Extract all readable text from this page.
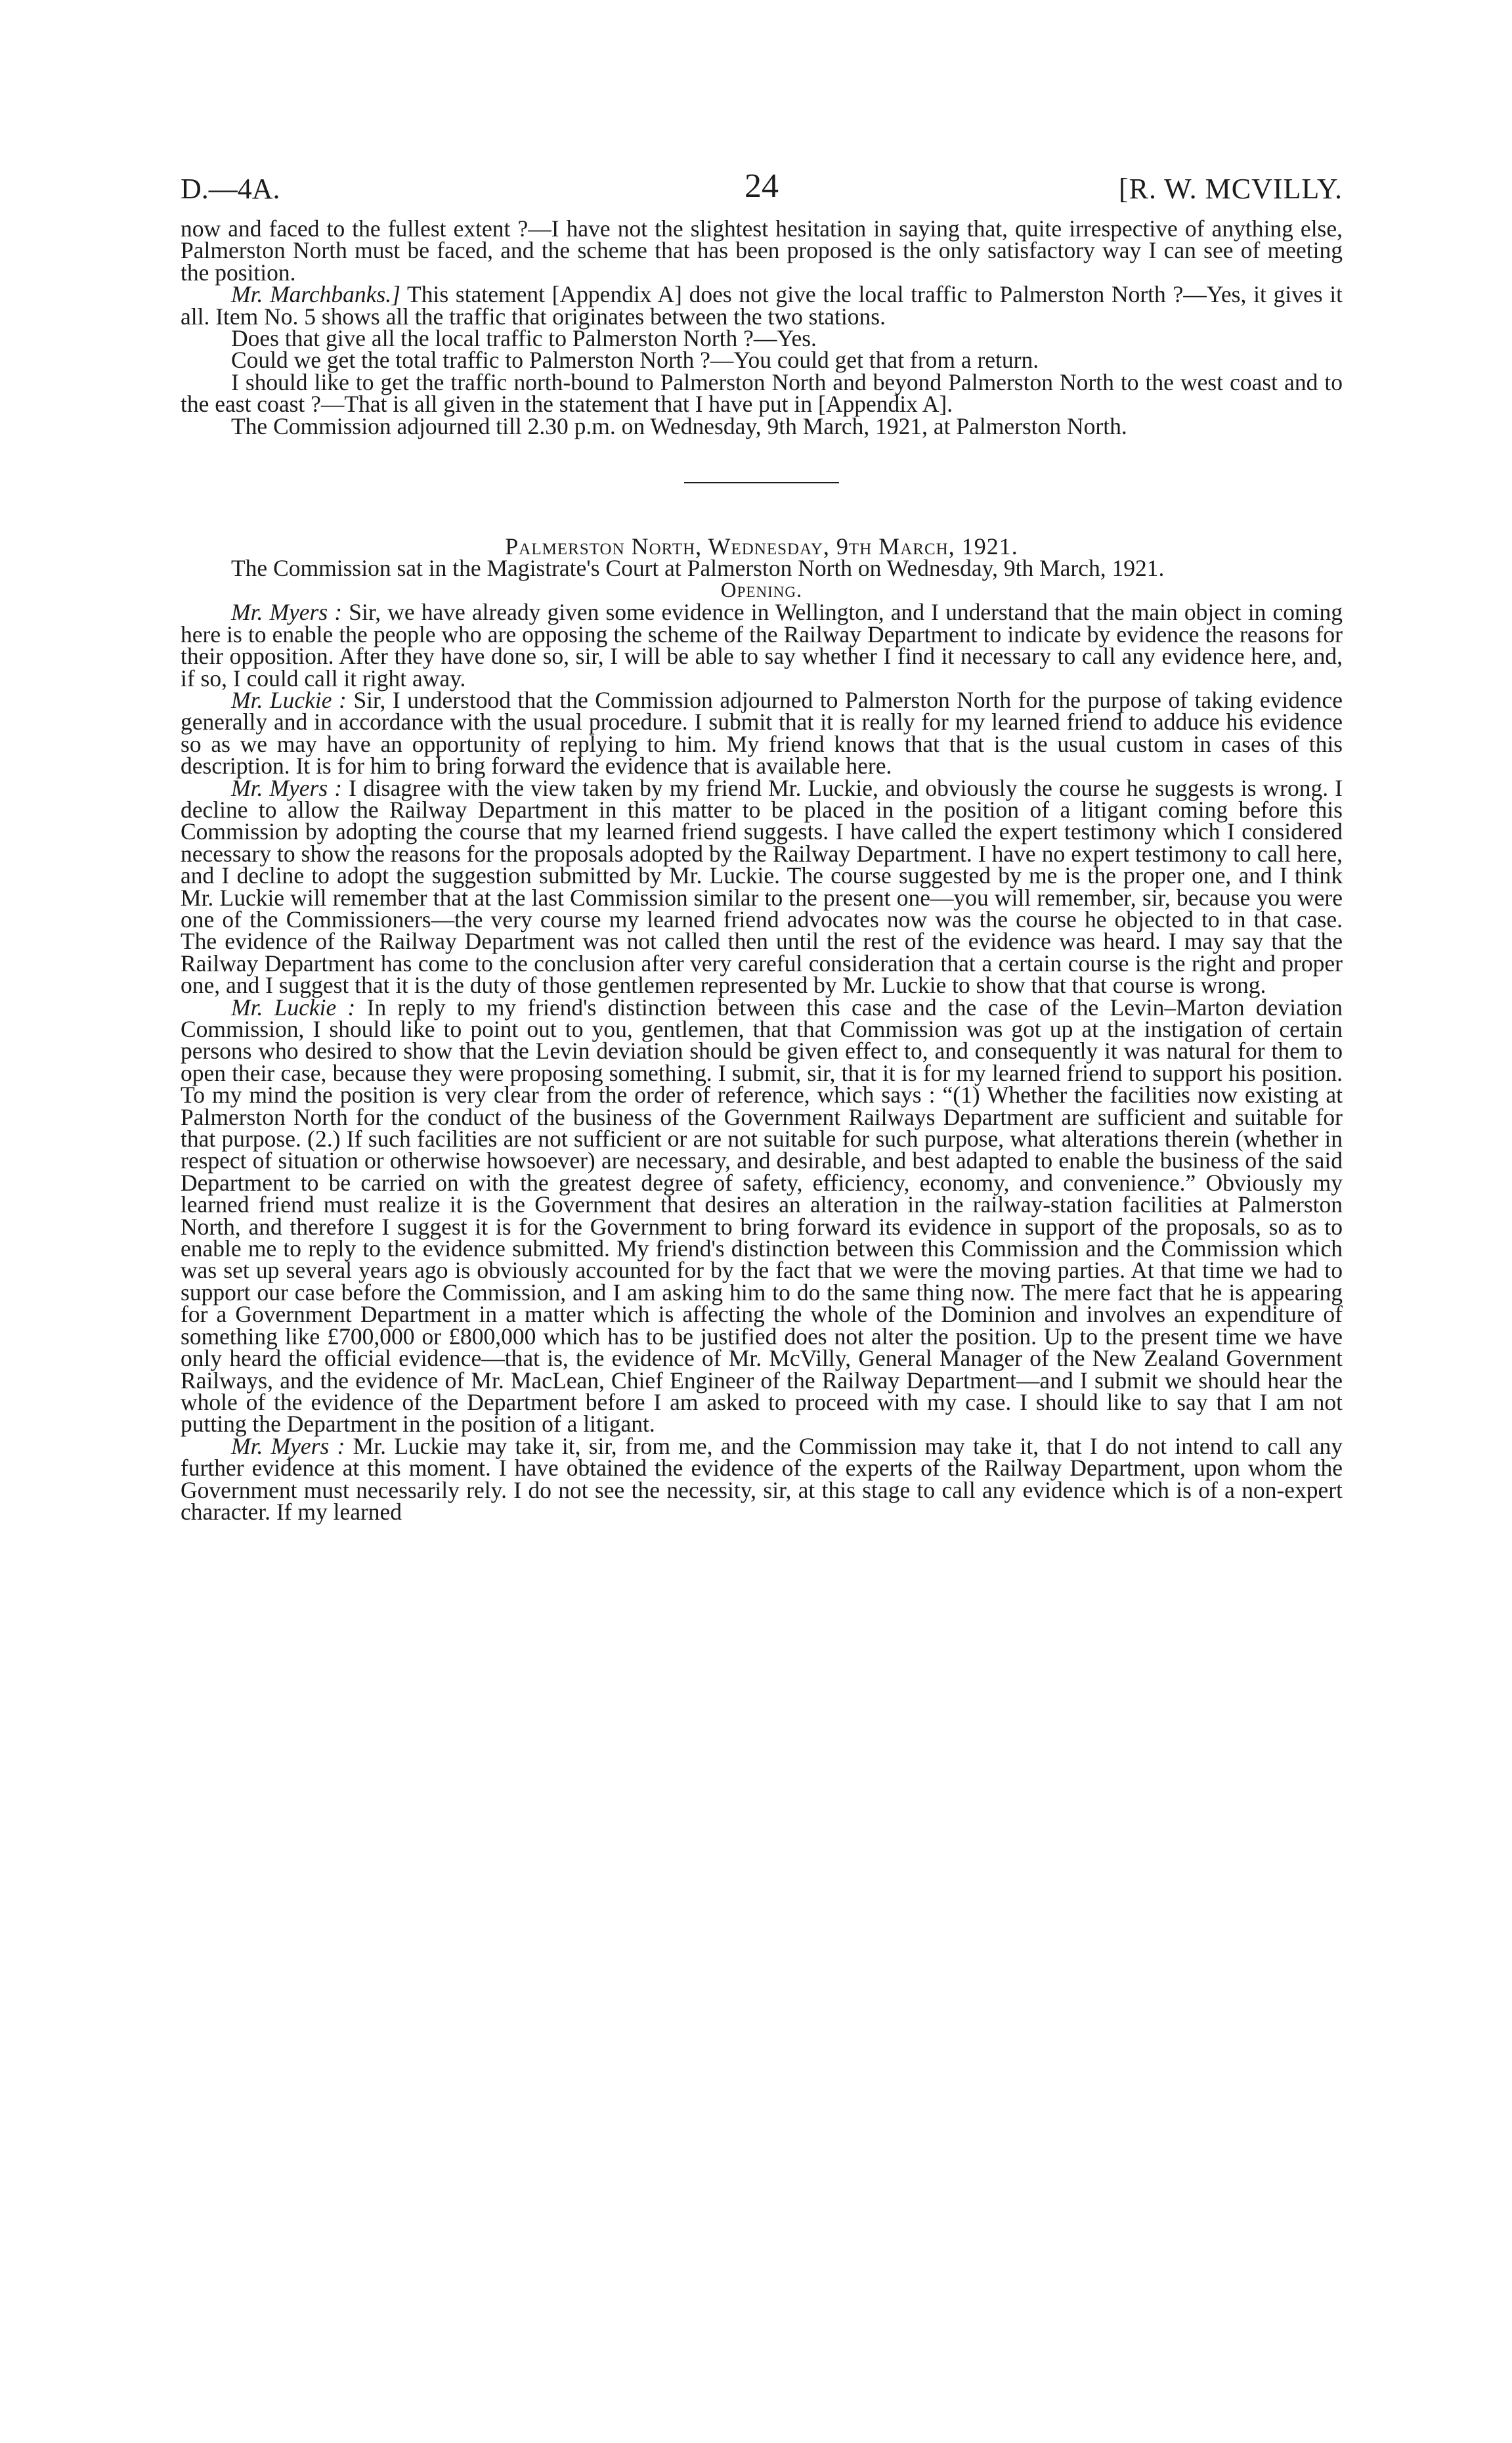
D.—4A.	24	[R. W. MCVILLY.

now and faced to the fullest extent ?—I have not the slightest hesitation in saying that, quite irrespective of anything else, Palmerston North must be faced, and the scheme that has been proposed is the only satisfactory way I can see of meeting the position.

Mr. Marchbanks.] This statement [Appendix A] does not give the local traffic to Palmerston North ?—Yes, it gives it all. Item No. 5 shows all the traffic that originates between the two stations.

Does that give all the local traffic to Palmerston North ?—Yes.

Could we get the total traffic to Palmerston North ?—You could get that from a return.

I should like to get the traffic north-bound to Palmerston North and beyond Palmerston North to the west coast and to the east coast ?—That is all given in the statement that I have put in [Appendix A].

The Commission adjourned till 2.30 p.m. on Wednesday, 9th March, 1921, at Palmerston North.

Palmerston North, Wednesday, 9th March, 1921.

The Commission sat in the Magistrate's Court at Palmerston North on Wednesday, 9th March, 1921.

Opening.

Mr. Myers : Sir, we have already given some evidence in Wellington, and I understand that the main object in coming here is to enable the people who are opposing the scheme of the Railway Department to indicate by evidence the reasons for their opposition. After they have done so, sir, I will be able to say whether I find it necessary to call any evidence here, and, if so, I could call it right away.

Mr. Luckie : Sir, I understood that the Commission adjourned to Palmerston North for the purpose of taking evidence generally and in accordance with the usual procedure. I submit that it is really for my learned friend to adduce his evidence so as we may have an opportunity of replying to him. My friend knows that that is the usual custom in cases of this description. It is for him to bring forward the evidence that is available here.

Mr. Myers : I disagree with the view taken by my friend Mr. Luckie, and obviously the course he suggests is wrong. I decline to allow the Railway Department in this matter to be placed in the position of a litigant coming before this Commission by adopting the course that my learned friend suggests. I have called the expert testimony which I considered necessary to show the reasons for the proposals adopted by the Railway Department. I have no expert testimony to call here, and I decline to adopt the suggestion submitted by Mr. Luckie. The course suggested by me is the proper one, and I think Mr. Luckie will remember that at the last Commission similar to the present one—you will remember, sir, because you were one of the Commissioners—the very course my learned friend advocates now was the course he objected to in that case. The evidence of the Railway Department was not called then until the rest of the evidence was heard. I may say that the Railway Department has come to the conclusion after very careful consideration that a certain course is the right and proper one, and I suggest that it is the duty of those gentlemen represented by Mr. Luckie to show that that course is wrong.

Mr. Luckie : In reply to my friend's distinction between this case and the case of the Levin–Marton deviation Commission, I should like to point out to you, gentlemen, that that Commission was got up at the instigation of certain persons who desired to show that the Levin deviation should be given effect to, and consequently it was natural for them to open their case, because they were proposing something. I submit, sir, that it is for my learned friend to support his position. To my mind the position is very clear from the order of reference, which says : “(1) Whether the facilities now existing at Palmerston North for the conduct of the business of the Government Railways Department are sufficient and suitable for that purpose. (2.) If such facilities are not sufficient or are not suitable for such purpose, what alterations therein (whether in respect of situation or otherwise howsoever) are necessary, and desirable, and best adapted to enable the business of the said Department to be carried on with the greatest degree of safety, efficiency, economy, and convenience.” Obviously my learned friend must realize it is the Government that desires an alteration in the railway-station facilities at Palmerston North, and therefore I suggest it is for the Government to bring forward its evidence in support of the proposals, so as to enable me to reply to the evidence submitted. My friend's distinction between this Commission and the Commission which was set up several years ago is obviously accounted for by the fact that we were the moving parties. At that time we had to support our case before the Commission, and I am asking him to do the same thing now. The mere fact that he is appearing for a Government Department in a matter which is affecting the whole of the Dominion and involves an expenditure of something like £700,000 or £800,000 which has to be justified does not alter the position. Up to the present time we have only heard the official evidence—that is, the evidence of Mr. McVilly, General Manager of the New Zealand Government Railways, and the evidence of Mr. MacLean, Chief Engineer of the Railway Department—and I submit we should hear the whole of the evidence of the Department before I am asked to proceed with my case. I should like to say that I am not putting the Department in the position of a litigant.

Mr. Myers : Mr. Luckie may take it, sir, from me, and the Commission may take it, that I do not intend to call any further evidence at this moment. I have obtained the evidence of the experts of the Railway Department, upon whom the Government must necessarily rely. I do not see the necessity, sir, at this stage to call any evidence which is of a non-expert character. If my learned
